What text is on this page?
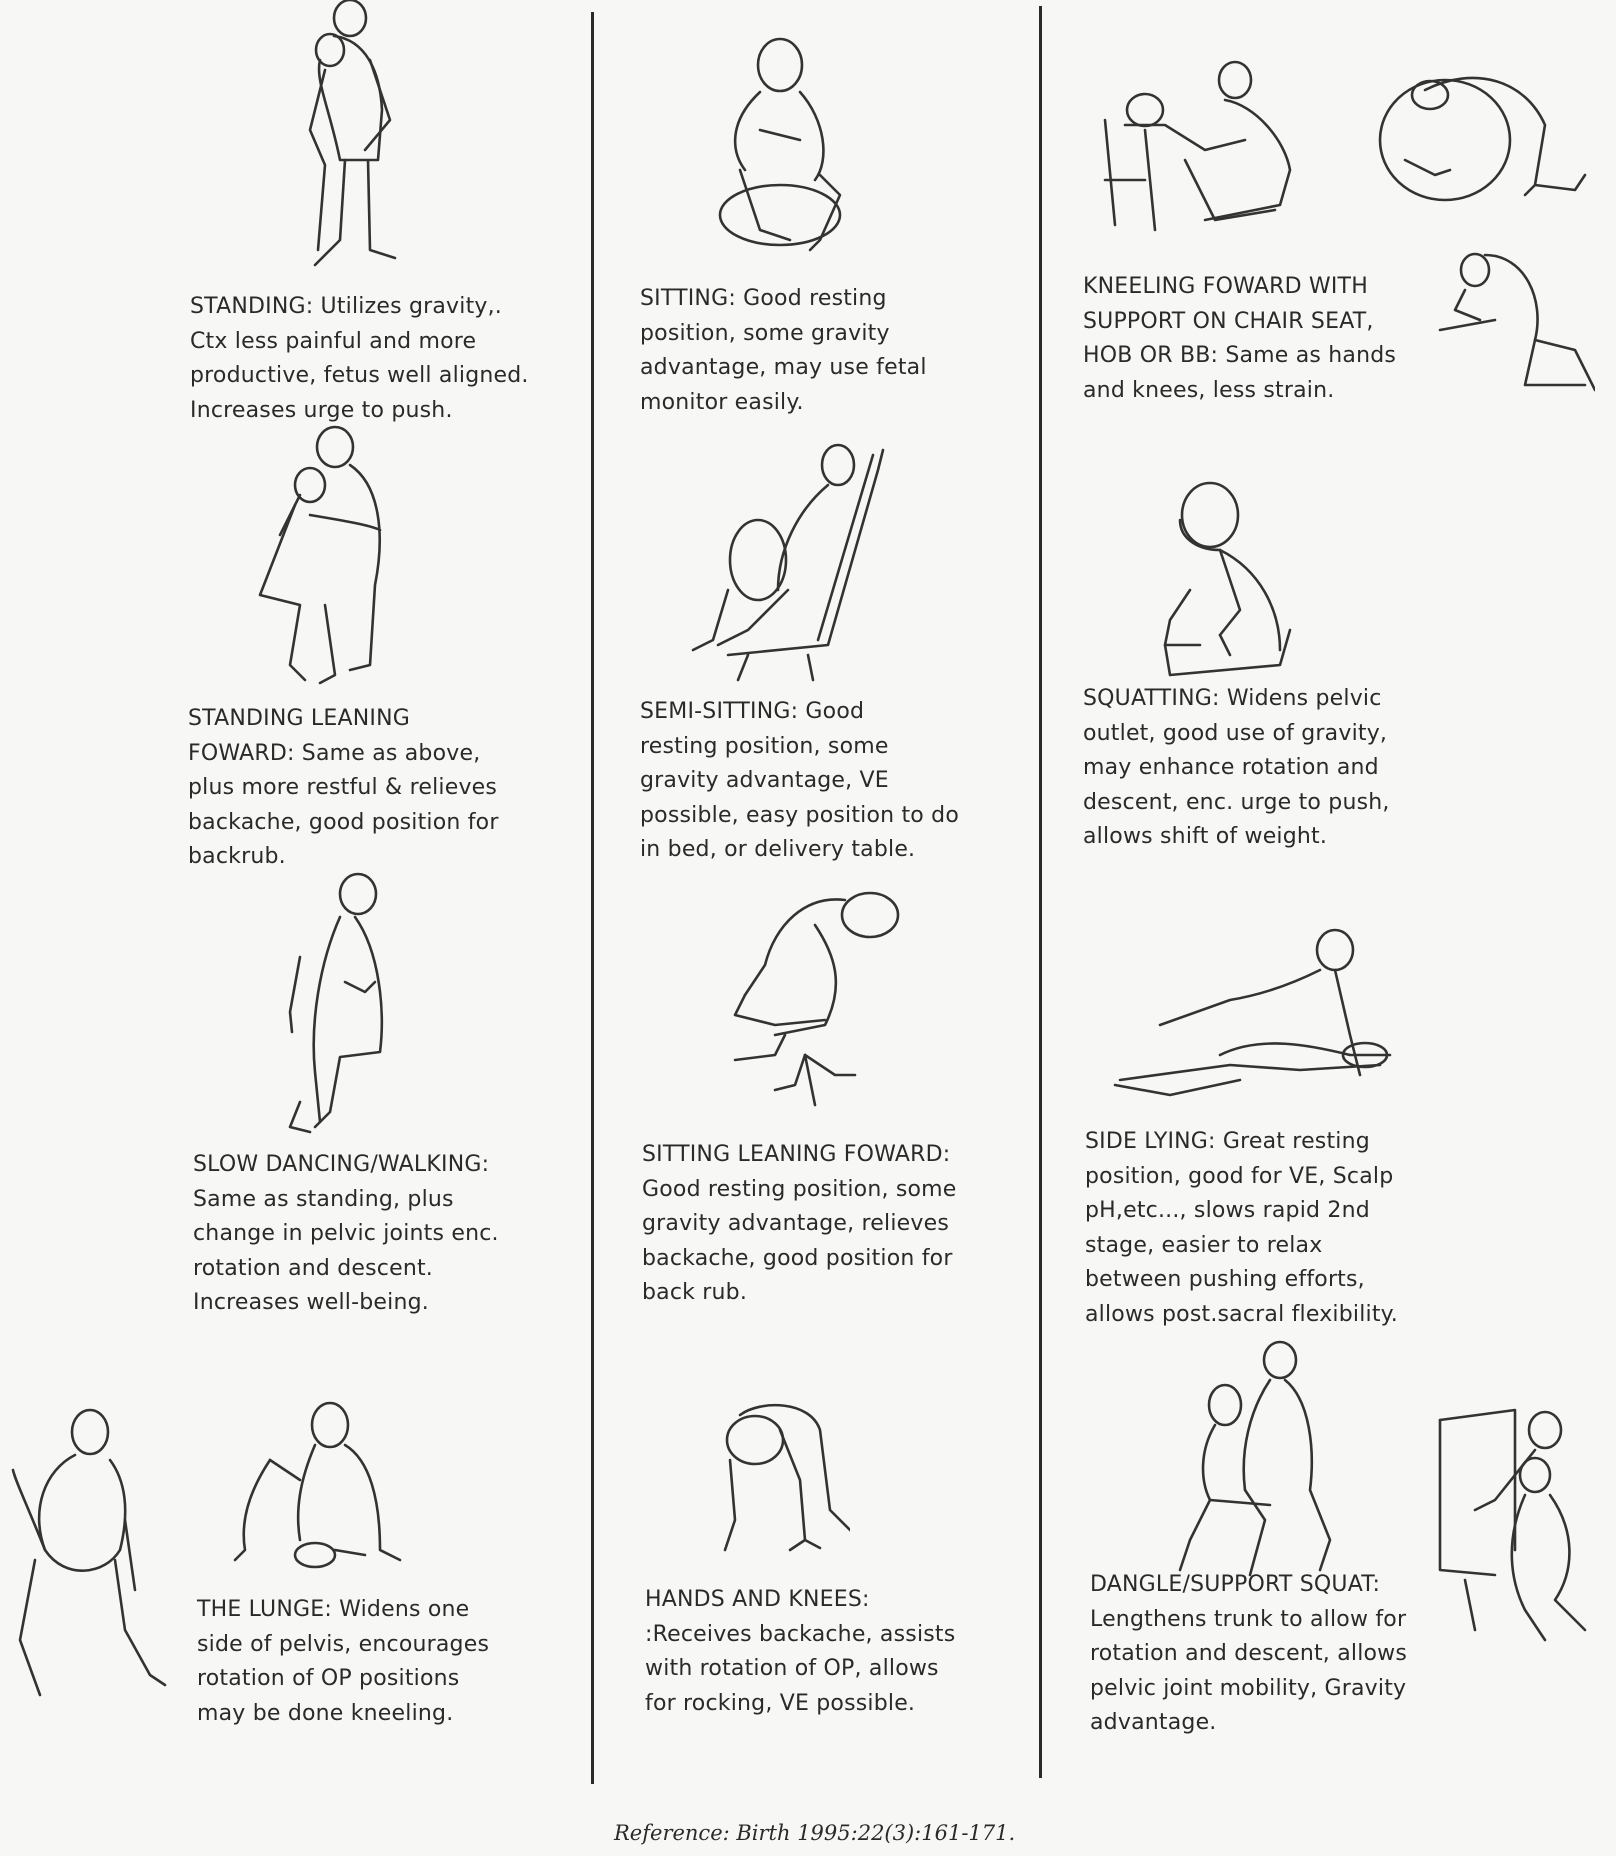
STANDING: Utilizes gravity,.
Ctx less painful and more
productive, fetus well aligned.
Increases urge to push.
STANDING LEANING
FOWARD: Same as above,
plus more restful & relieves
backache, good position for
backrub.
SLOW DANCING/WALKING:
Same as standing, plus
change in pelvic joints enc.
rotation and descent.
Increases well-being.
THE LUNGE: Widens one
side of pelvis, encourages
rotation of OP positions
may be done kneeling.
SITTING: Good resting
position, some gravity
advantage, may use fetal
monitor easily.
SEMI-SITTING: Good
resting position, some
gravity advantage, VE
possible, easy position to do
in bed, or delivery table.
SITTING LEANING FOWARD:
Good resting position, some
gravity advantage, relieves
backache, good position for
back rub.
HANDS AND KNEES:
:Receives backache, assists
with rotation of OP, allows
for rocking, VE possible.
KNEELING FOWARD WITH
SUPPORT ON CHAIR SEAT,
HOB OR BB: Same as hands
and knees, less strain.
SQUATTING: Widens pelvic
outlet, good use of gravity,
may enhance rotation and
descent, enc. urge to push,
allows shift of weight.
SIDE LYING: Great resting
position, good for VE, Scalp
pH,etc..., slows rapid 2nd
stage, easier to relax
between pushing efforts,
allows post.sacral flexibility.
DANGLE/SUPPORT SQUAT:
Lengthens trunk to allow for
rotation and descent, allows
pelvic joint mobility, Gravity
advantage.
Reference: Birth 1995:22(3):161-171.
